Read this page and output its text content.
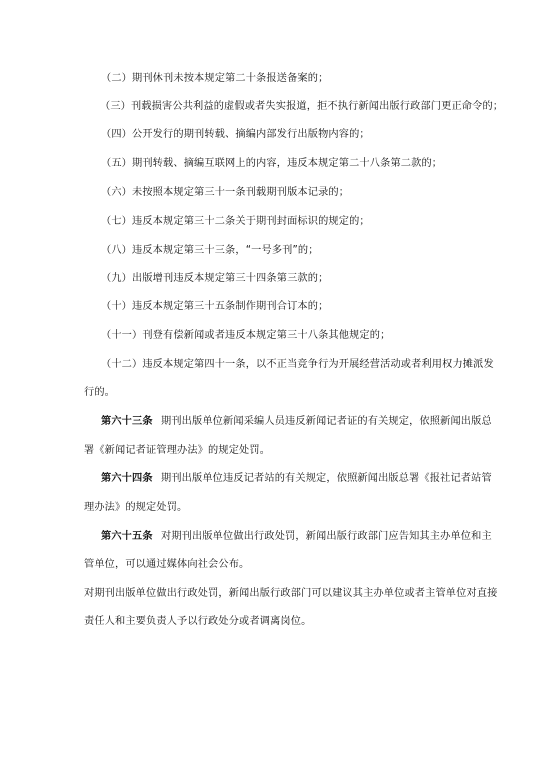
（二）期刊休刊未按本规定第二十条报送备案的；
（三）刊载损害公共利益的虚假或者失实报道，拒不执行新闻出版行政部门更正命令的；
（四）公开发行的期刊转载、摘编内部发行出版物内容的；
（五）期刊转载、摘编互联网上的内容，违反本规定第二十八条第二款的；
（六）未按照本规定第三十一条刊载期刊版本记录的；
（七）违反本规定第三十二条关于期刊封面标识的规定的；
（八）违反本规定第三十三条，“一号多刊”的；
（九）出版增刊违反本规定第三十四条第三款的；
（十）违反本规定第三十五条制作期刊合订本的；
（十一）刊登有偿新闻或者违反本规定第三十八条其他规定的；
（十二）违反本规定第四十一条，以不正当竞争行为开展经营活动或者利用权力摊派发
行的。
第六十三条 期刊出版单位新闻采编人员违反新闻记者证的有关规定，依照新闻出版总
署《新闻记者证管理办法》的规定处罚。
第六十四条 期刊出版单位违反记者站的有关规定，依照新闻出版总署《报社记者站管
理办法》的规定处罚。
第六十五条 对期刊出版单位做出行政处罚，新闻出版行政部门应告知其主办单位和主
管单位，可以通过媒体向社会公布。
对期刊出版单位做出行政处罚，新闻出版行政部门可以建议其主办单位或者主管单位对直接
责任人和主要负责人予以行政处分或者调离岗位。
